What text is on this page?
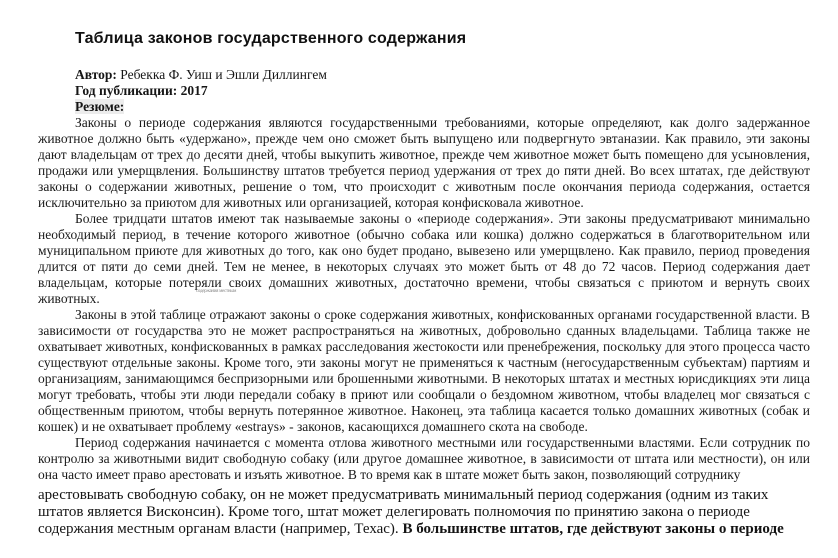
Таблица законов государственного содержания
Автор: Ребекка Ф. Уиш и Эшли Диллингем
Год публикации: 2017
Резюме:

Законы о периоде содержания являются государственными требованиями, которые определяют, как долго задержанное животное должно быть «удержано», прежде чем оно сможет быть выпущено или подвергнуто эвтаназии. Как правило, эти законы дают владельцам от трех до десяти дней, чтобы выкупить животное, прежде чем животное может быть помещено для усыновления, продажи или умерщвления. Большинству штатов требуется период удержания от трех до пяти дней. Во всех штатах, где действуют законы о содержании животных, решение о том, что происходит с животным после окончания периода содержания, остается исключительно за приютом для животных или организацией, которая конфисковала животное.

Более тридцати штатов имеют так называемые законы о «периоде содержания». Эти законы предусматривают минимально необходимый период, в течение которого животное (обычно собака или кошка) должно содержаться в благотворительном или муниципальном приюте для животных до того, как оно будет продано, вывезено или умерщвлено. Как правило, период проведения длится от пяти до семи дней. Тем не менее, в некоторых случаях это может быть от 48 до 72 часов. Период содержания дает владельцам, которые потеряли своих домашних животных, достаточно времени, чтобы связаться с приютом и вернуть своих животных.

Законы в этой таблице отражают законы о сроке содержания животных, конфискованных органами государственной власти. В зависимости от государства это не может распространяться на животных, добровольно сданных владельцами. Таблица также не охватывает животных, конфискованных в рамках расследования жестокости или пренебрежения, поскольку для этого процесса часто существуют отдельные законы. Кроме того, эти законы могут не применяться к частным (негосударственным субъектам) партиям и организациям, занимающимся беспризорными или брошенными животными. В некоторых штатах и местных юрисдикциях эти лица могут требовать, чтобы эти люди передали собаку в приют или сообщали о бездомном животном, чтобы владелец мог связаться с общественным приютом, чтобы вернуть потерянное животное. Наконец, эта таблица касается только домашних животных (собак и кошек) и не охватывает проблему «estrays» - законов, касающихся домашнего скота на свободе.

Период содержания начинается с момента отлова животного местными или государственными властями. Если сотрудник по контролю за животными видит свободную собаку (или другое домашнее животное, в зависимости от штата или местности), он или она часто имеет право арестовать и изъять животное. В то время как в штате может быть закон, позволяющий сотруднику

арестовывать свободную собаку, он не может предусматривать минимальный период содержания (одним из таких штатов является Висконсин). Кроме того, штат может делегировать полномочия по принятию закона о периоде содержания местным органам власти (например, Техас). В большинстве штатов, где действуют законы о периоде

содержания местным
